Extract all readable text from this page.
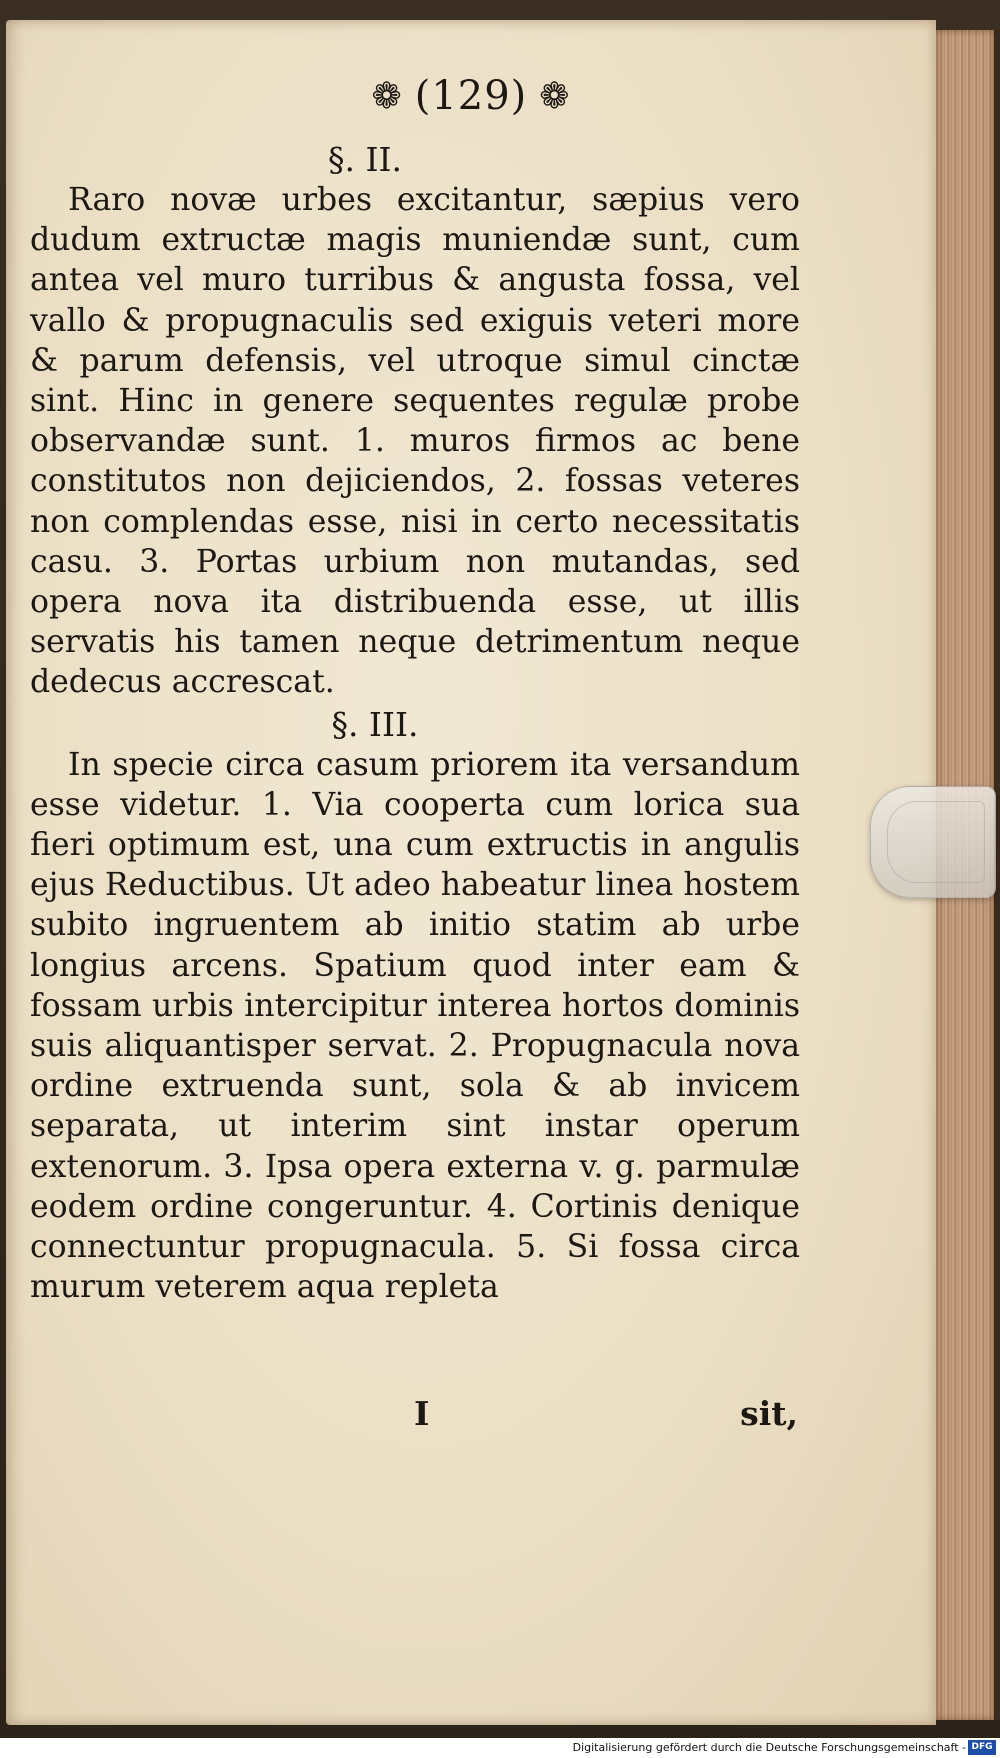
❁ (129) ❁

§. II.

Raro novæ urbes excitantur, sæpius vero dudum extructæ magis muniendæ sunt, cum antea vel muro turribus & angusta fossa, vel vallo & propugnaculis sed exiguis veteri more & parum defensis, vel utroque simul cinctæ sint. Hinc in genere sequentes regulæ probe observandæ sunt. 1. muros firmos ac bene constitutos non dejiciendos, 2. fossas veteres non complendas esse, nisi in certo necessitatis casu. 3. Portas urbium non mutandas, sed opera nova ita distribuenda esse, ut illis servatis his tamen neque detrimentum neque dedecus accrescat.

§. III.

In specie circa casum priorem ita versandum esse videtur. 1. Via cooperta cum lorica sua fieri optimum est, una cum extructis in angulis ejus Reductibus. Ut adeo habeatur linea hostem subito ingruentem ab initio statim ab urbe longius arcens. Spatium quod inter eam & fossam urbis intercipitur interea hortos dominis suis aliquantisper servat. 2. Propugnacula nova ordine extruenda sunt, sola & ab invicem separata, ut interim sint instar operum extenorum. 3. Ipsa opera externa v. g. parmulæ eodem ordine congeruntur. 4. Cortinis denique connectuntur propugnacula. 5. Si fossa circa murum veterem aqua repleta

I	sit,
Digitalisierung gefördert durch die Deutsche Forschungsgemeinschaft - DFG
